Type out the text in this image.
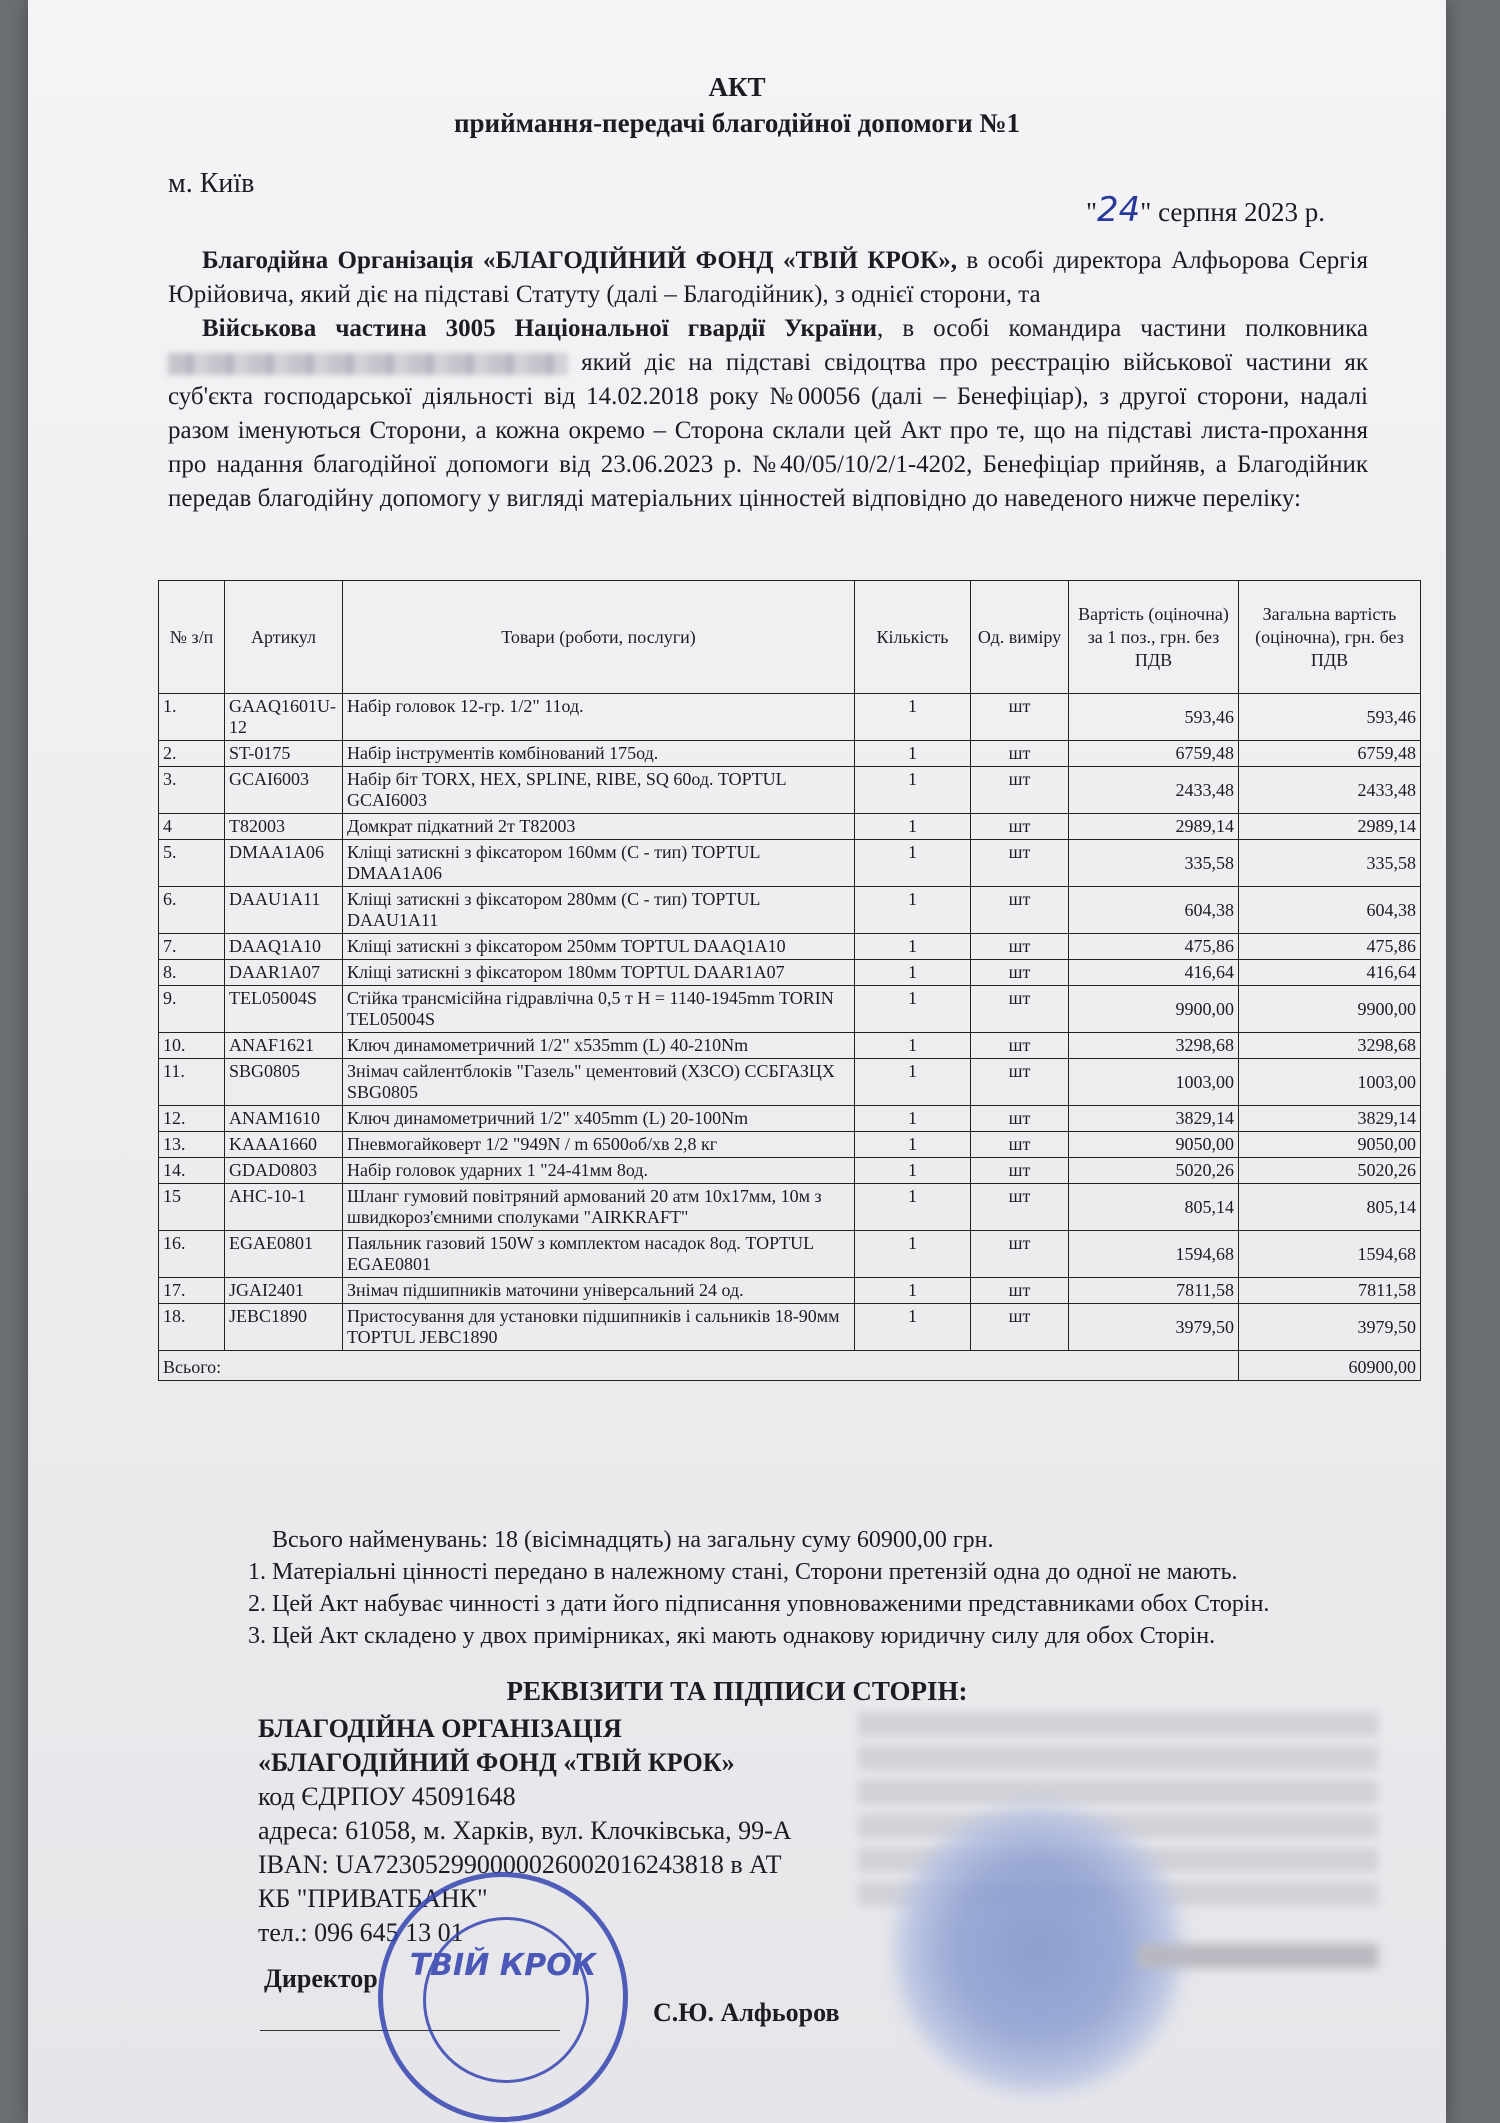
АКТ
приймання-передачі благодійної допомоги №1
м. Київ
"24" серпня 2023 р.
Благодійна Організація «БЛАГОДІЙНИЙ ФОНД «ТВІЙ КРОК», в особі директора Алфьорова Сергія Юрійовича, який діє на підставі Статуту (далі – Благодійник), з однієї сторони, та
Військова частина 3005 Національної гвардії України, в особі командира частини полковника  який діє на підставі свідоцтва про реєстрацію військової частини як суб'єкта господарської діяльності від 14.02.2018 року №00056 (далі – Бенефіціар), з другої сторони, надалі разом іменуються Сторони, а кожна окремо – Сторона склали цей Акт про те, що на підставі листа-прохання про надання благодійної допомоги від 23.06.2023 р. №40/05/10/2/1-4202, Бенефіціар прийняв, а Благодійник передав благодійну допомогу у вигляді матеріальних цінностей відповідно до наведеного нижче переліку:
№ з/п	Артикул	Товари (роботи, послуги)	Кількість	Од. виміру	Вартість (оціночна) за 1 поз., грн. без ПДВ	Загальна вартість (оціночна), грн. без ПДВ
1.	GAAQ1601U-12	Набір головок 12-гр. 1/2" 11од.	1	шт	593,46	593,46
2.	ST-0175	Набір інструментів комбінований 175од.	1	шт	6759,48	6759,48
3.	GCAI6003	Набір біт TORX, HEX, SPLINE, RIBE, SQ 60од. TOPTUL GCAI6003	1	шт	2433,48	2433,48
4	T82003	Домкрат підкатний 2т T82003	1	шт	2989,14	2989,14
5.	DMAA1A06	Кліщі затискні з фіксатором 160мм (C - тип) TOPTUL DMAA1A06	1	шт	335,58	335,58
6.	DAAU1A11	Кліщі затискні з фіксатором 280мм (C - тип) TOPTUL DAAU1A11	1	шт	604,38	604,38
7.	DAAQ1A10	Кліщі затискні з фіксатором 250мм TOPTUL DAAQ1A10	1	шт	475,86	475,86
8.	DAAR1A07	Кліщі затискні з фіксатором 180мм TOPTUL DAAR1A07	1	шт	416,64	416,64
9.	TEL05004S	Стійка трансмісійна гідравлічна 0,5 т H = 1140-1945mm TORIN TEL05004S	1	шт	9900,00	9900,00
10.	ANAF1621	Ключ динамометричний 1/2" x535mm (L) 40-210Nm	1	шт	3298,68	3298,68
11.	SBG0805	Знімач сайлентблоків "Газель" цементовий (ХЗСО) ССБГАЗЦХ SBG0805	1	шт	1003,00	1003,00
12.	ANAM1610	Ключ динамометричний 1/2" x405mm (L) 20-100Nm	1	шт	3829,14	3829,14
13.	KAAA1660	Пневмогайковерт 1/2 "949N / m 6500об/хв 2,8 кг	1	шт	9050,00	9050,00
14.	GDAD0803	Набір головок ударних 1 "24-41мм 8од.	1	шт	5020,26	5020,26
15	AHC-10-1	Шланг гумовий повітряний армований 20 атм 10x17мм, 10м з швидкороз'ємними сполуками "AIRKRAFT"	1	шт	805,14	805,14
16.	EGAE0801	Паяльник газовий 150W з комплектом насадок 8од. TOPTUL EGAE0801	1	шт	1594,68	1594,68
17.	JGAI2401	Знімач підшипників маточини універсальний 24 од.	1	шт	7811,58	7811,58
18.	JEBC1890	Пристосування для установки підшипників і сальників 18-90мм TOPTUL JEBC1890	1	шт	3979,50	3979,50
Всього:						60900,00
Всього найменувань: 18 (вісімнадцять) на загальну суму 60900,00 грн.
1. Матеріальні цінності передано в належному стані, Сторони претензій одна до одної не мають.
2. Цей Акт набуває чинності з дати його підписання уповноваженими представниками обох Сторін.
3. Цей Акт складено у двох примірниках, які мають однакову юридичну силу для обох Сторін.
РЕКВІЗИТИ ТА ПІДПИСИ СТОРІН:
БЛАГОДІЙНА ОРГАНІЗАЦІЯ
«БЛАГОДІЙНИЙ ФОНД «ТВІЙ КРОК»
код ЄДРПОУ 45091648
адреса: 61058, м. Харків, вул. Клочківська, 99-А
IBAN: UA723052990000026002016243818 в АТ
КБ "ПРИВАТБАНК"
тел.: 096 645 13 01
Директор
С.Ю. Алфьоров
ТВІЙ КРОК
